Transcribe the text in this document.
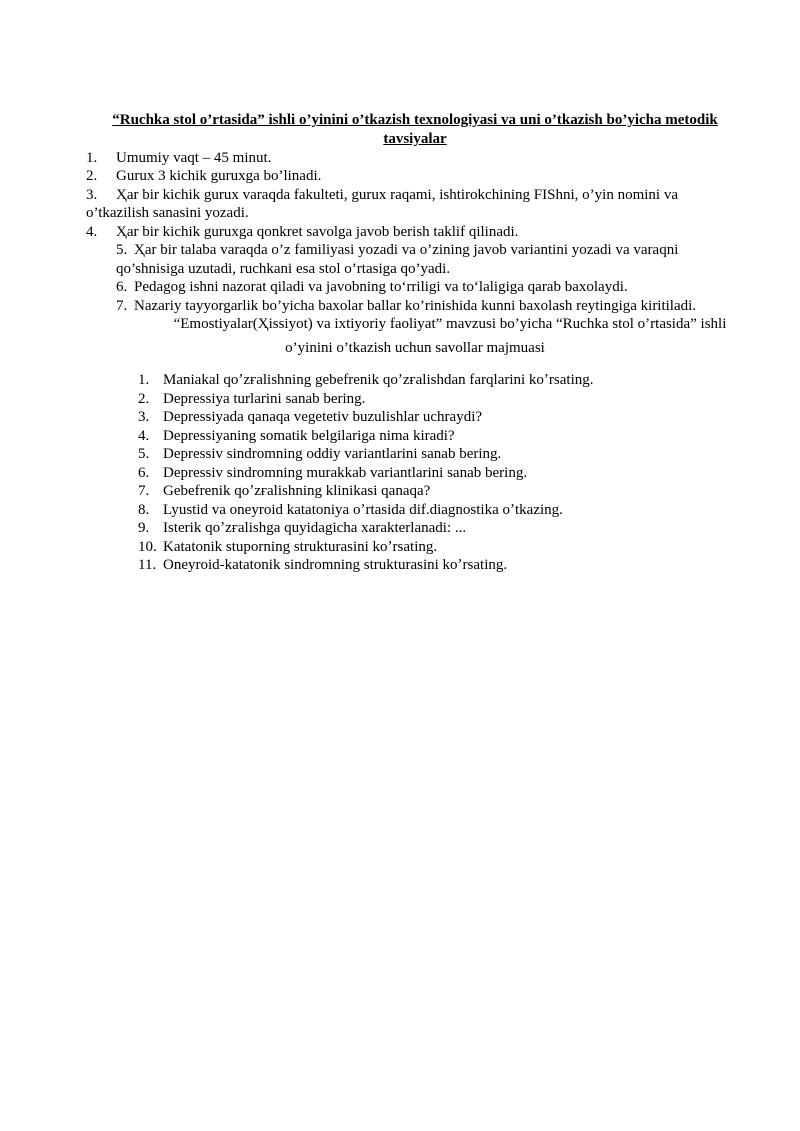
“Ruchka stol o’rtasida” ishli o’yinini o’tkazish texnologiyasi va uni o’tkazish bo’yicha metodik
tavsiyalar
1. Umumiy vaqt – 45 minut.
2. Gurux 3 kichik guruxga bo’linadi.
3. Ҳar bir kichik gurux varaqda fakulteti, gurux raqami, ishtirokchining FIShni, o’yin nomini va
o’tkazilish sanasini yozadi.
4. Ҳar bir kichik guruxga qonkret savolga javob berish taklif qilinadi.
5. Ҳar bir talaba varaqda o’z familiyasi yozadi va o’zining javob variantini yozadi va varaqni
qo’shnisiga uzutadi, ruchkani esa stol o’rtasiga qo’yadi.
6. Pedagog ishni nazorat qiladi va javobning toʻrriligi va toʻlaligiga qarab baxolaydi.
7. Nazariy tayyorgarlik bo’yicha baxolar ballar ko’rinishida kunni baxolash reytingiga kiritiladi.
“Emostiyalar(Ҳissiyot) va ixtiyoriy faoliyat” mavzusi bo’yicha “Ruchka stol o’rtasida” ishli
o’yinini o’tkazish uchun savollar majmuasi
1. Maniakal qoʼzғalishning gebefrenik qoʼzғalishdan farqlarini koʼrsating.
2. Depressiya turlarini sanab bering.
3. Depressiyada qanaqa vegetetiv buzulishlar uchraydi?
4. Depressiyaning somatik belgilariga nima kiradi?
5. Depressiv sindromning oddiy variantlarini sanab bering.
6. Depressiv sindromning murakkab variantlarini sanab bering.
7. Gebefrenik qoʼzғalishning klinikasi qanaqa?
8. Lyustid va oneyroid katatoniya oʼrtasida dif.diagnostika oʼtkazing.
9. Isterik qoʼzғalishga quyidagicha xarakterlanadi: ...
10. Katatonik stuporning strukturasini koʼrsating.
11. Oneyroid-katatonik sindromning strukturasini koʼrsating.
